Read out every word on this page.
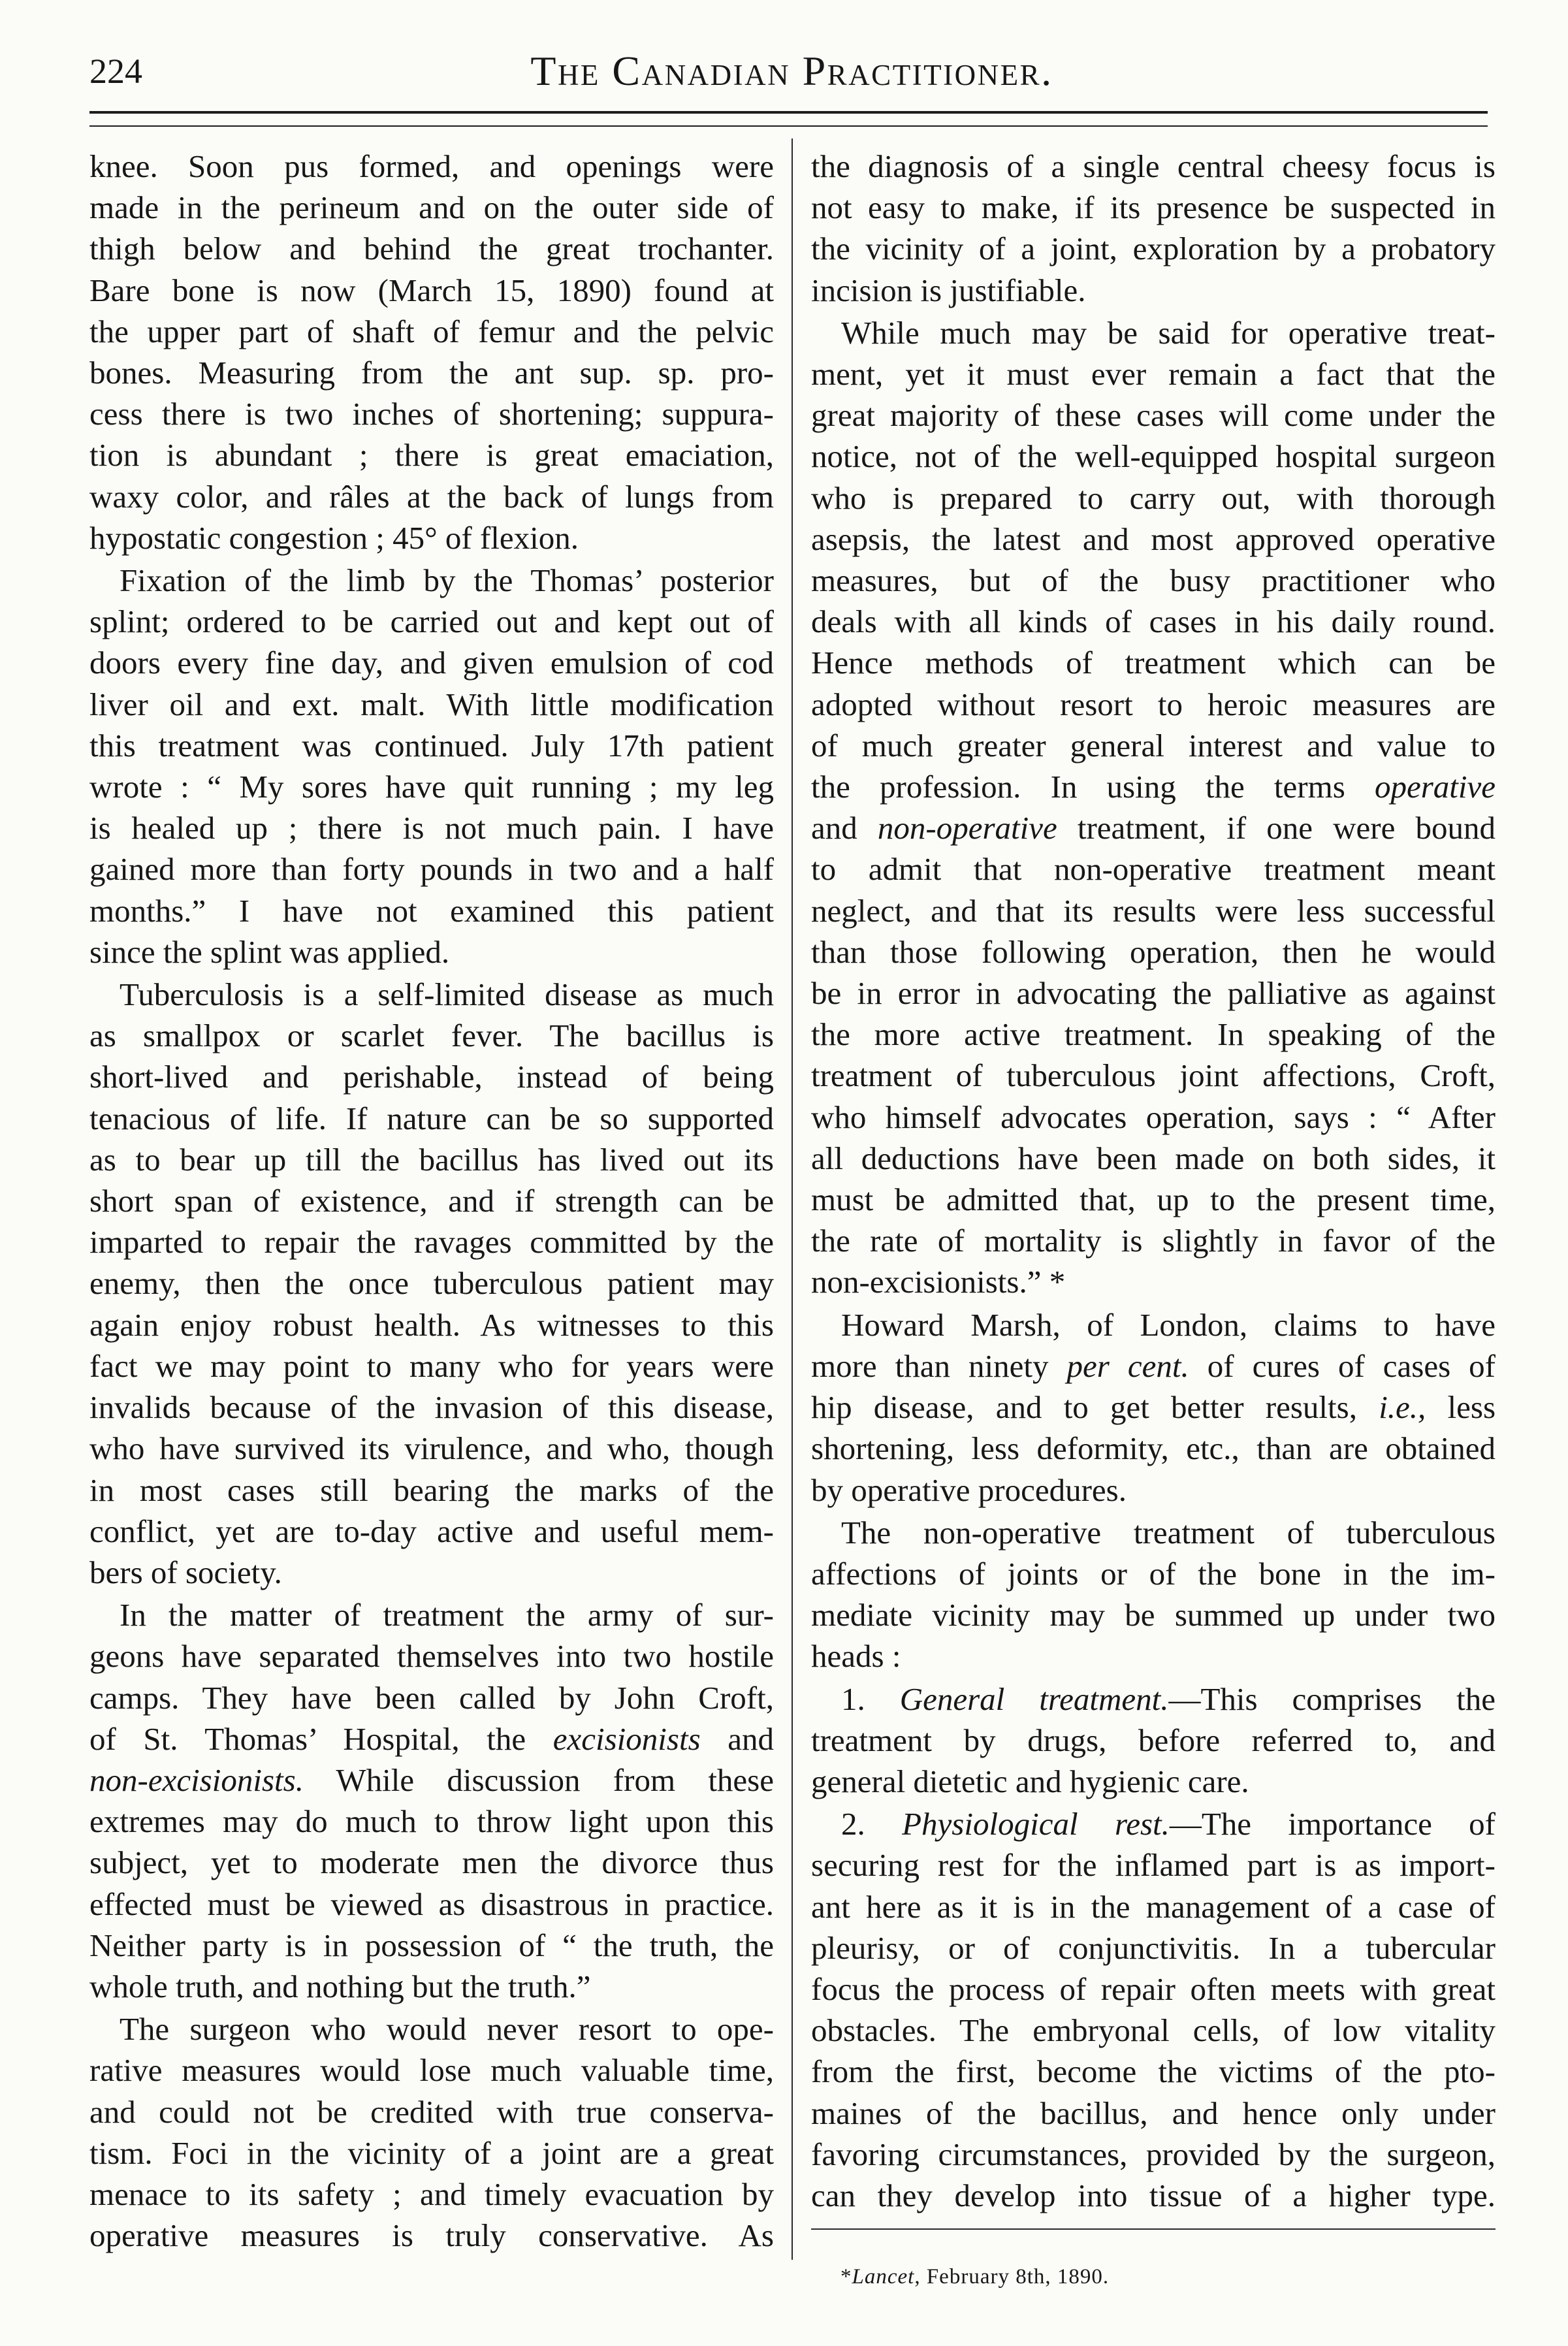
224	The Canadian Practitioner.
knee. Soon pus formed, and openings were
made in the perineum and on the outer side of
thigh below and behind the great trochanter.
Bare bone is now (March 15, 1890) found at
the upper part of shaft of femur and the pelvic
bones. Measuring from the ant sup. sp. pro-
cess there is two inches of shortening; suppura-
tion is abundant ; there is great emaciation,
waxy color, and râles at the back of lungs from
hypostatic congestion ; 45° of flexion.
Fixation of the limb by the Thomas’ posterior
splint; ordered to be carried out and kept out of
doors every fine day, and given emulsion of cod
liver oil and ext. malt. With little modification
this treatment was continued. July 17th patient
wrote : “ My sores have quit running ; my leg
is healed up ; there is not much pain. I have
gained more than forty pounds in two and a half
months.” I have not examined this patient
since the splint was applied.
Tuberculosis is a self-limited disease as much
as smallpox or scarlet fever. The bacillus is
short-lived and perishable, instead of being
tenacious of life. If nature can be so supported
as to bear up till the bacillus has lived out its
short span of existence, and if strength can be
imparted to repair the ravages committed by the
enemy, then the once tuberculous patient may
again enjoy robust health. As witnesses to this
fact we may point to many who for years were
invalids because of the invasion of this disease,
who have survived its virulence, and who, though
in most cases still bearing the marks of the
conflict, yet are to-day active and useful mem-
bers of society.
In the matter of treatment the army of sur-
geons have separated themselves into two hostile
camps. They have been called by John Croft,
of St. Thomas’ Hospital, the excisionists and
non-excisionists. While discussion from these
extremes may do much to throw light upon this
subject, yet to moderate men the divorce thus
effected must be viewed as disastrous in practice.
Neither party is in possession of “ the truth, the
whole truth, and nothing but the truth.”
The surgeon who would never resort to ope-
rative measures would lose much valuable time,
and could not be credited with true conserva-
tism. Foci in the vicinity of a joint are a great
menace to its safety ; and timely evacuation by
operative measures is truly conservative. As
the diagnosis of a single central cheesy focus is
not easy to make, if its presence be suspected in
the vicinity of a joint, exploration by a probatory
incision is justifiable.
While much may be said for operative treat-
ment, yet it must ever remain a fact that the
great majority of these cases will come under the
notice, not of the well-equipped hospital surgeon
who is prepared to carry out, with thorough
asepsis, the latest and most approved operative
measures, but of the busy practitioner who
deals with all kinds of cases in his daily round.
Hence methods of treatment which can be
adopted without resort to heroic measures are
of much greater general interest and value to
the profession. In using the terms operative
and non-operative treatment, if one were bound
to admit that non-operative treatment meant
neglect, and that its results were less successful
than those following operation, then he would
be in error in advocating the palliative as against
the more active treatment. In speaking of the
treatment of tuberculous joint affections, Croft,
who himself advocates operation, says : “ After
all deductions have been made on both sides, it
must be admitted that, up to the present time,
the rate of mortality is slightly in favor of the
non-excisionists.” *
Howard Marsh, of London, claims to have
more than ninety per cent. of cures of cases of
hip disease, and to get better results, i.e., less
shortening, less deformity, etc., than are obtained
by operative procedures.
The non-operative treatment of tuberculous
affections of joints or of the bone in the im-
mediate vicinity may be summed up under two
heads :
1. General treatment.—This comprises the
treatment by drugs, before referred to, and
general dietetic and hygienic care.
2. Physiological rest.—The importance of
securing rest for the inflamed part is as import-
ant here as it is in the management of a case of
pleurisy, or of conjunctivitis. In a tubercular
focus the process of repair often meets with great
obstacles. The embryonal cells, of low vitality
from the first, become the victims of the pto-
maines of the bacillus, and hence only under
favoring circumstances, provided by the surgeon,
can they develop into tissue of a higher type.
*Lancet, February 8th, 1890.
